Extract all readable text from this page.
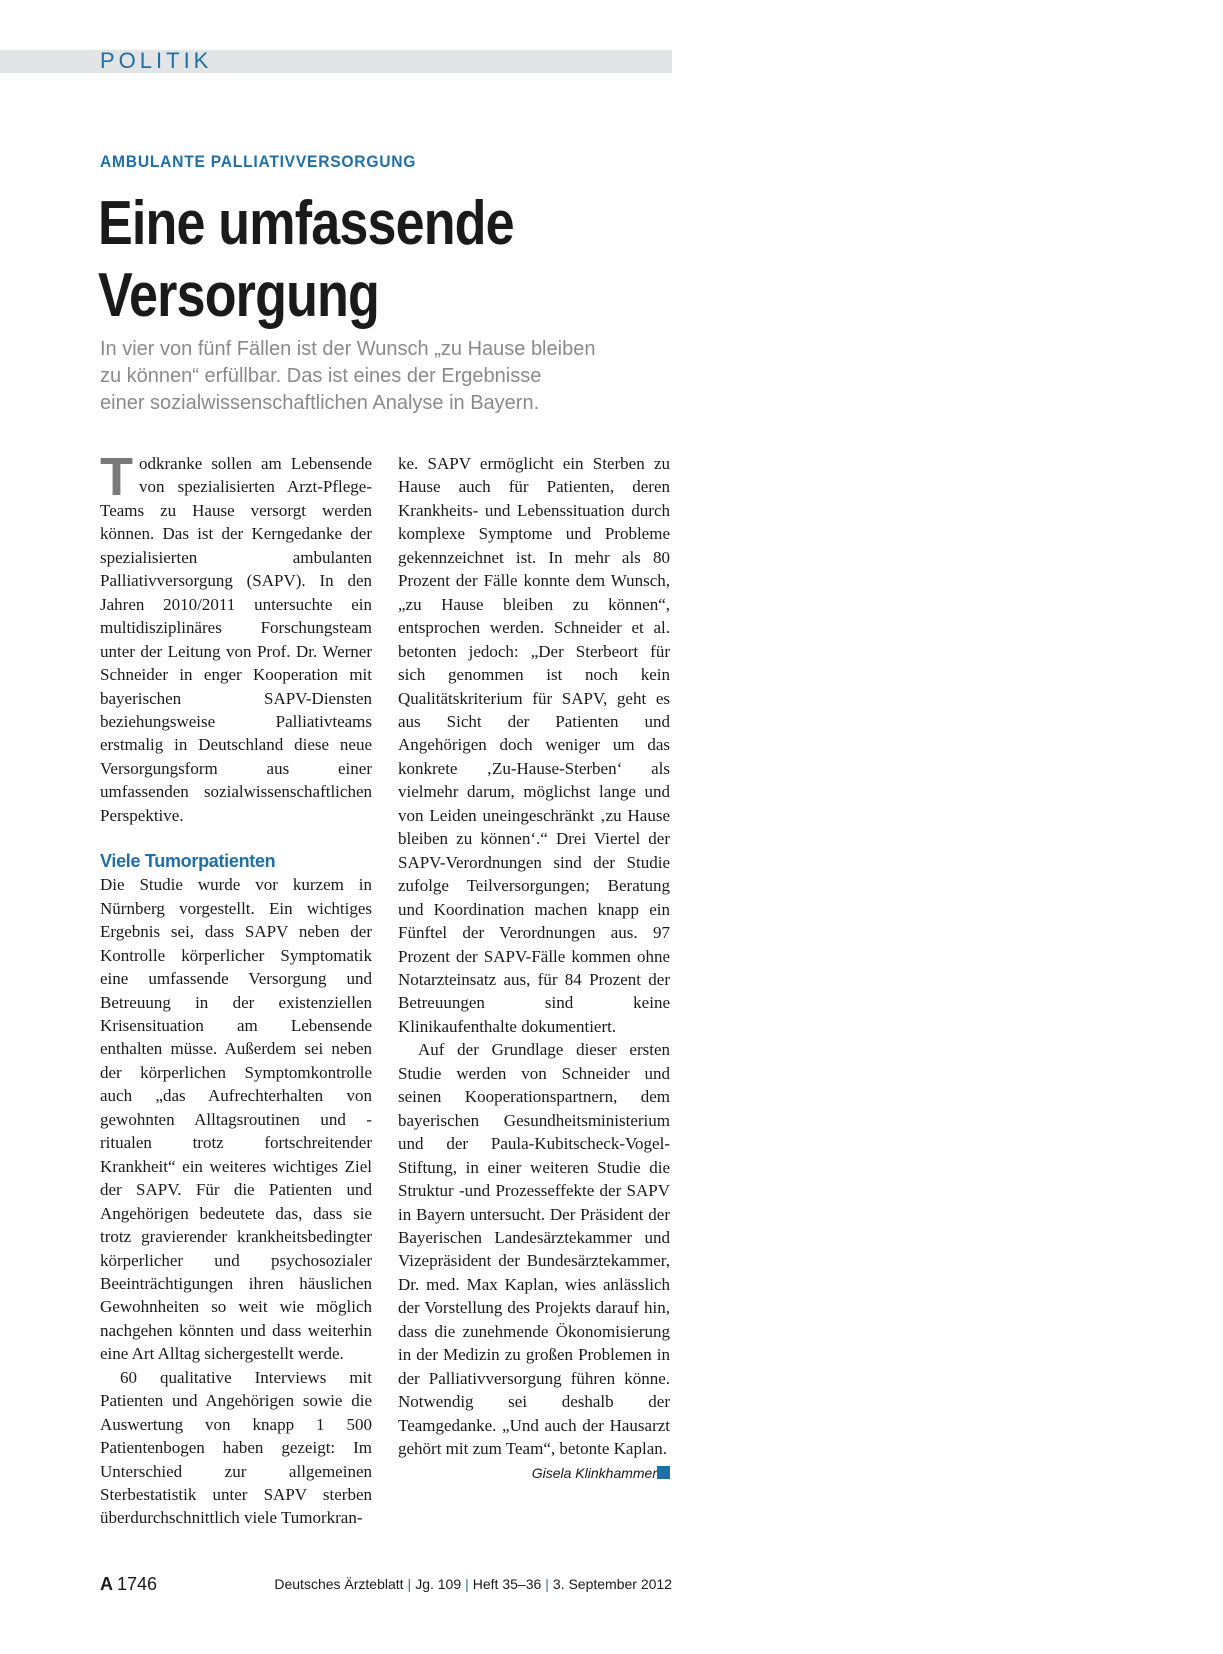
POLITIK
AMBULANTE PALLIATIVVERSORGUNG
Eine umfassende
Versorgung
In vier von fünf Fällen ist der Wunsch „zu Hause bleiben
zu können“ erfüllbar. Das ist eines der Ergebnisse
einer sozialwissenschaftlichen Analyse in Bayern.

Todkranke sollen am Lebensende von spezialisierten Arzt-Pflege-Teams zu Hause versorgt werden können. Das ist der Kerngedanke der spezialisierten ambulanten Palliativversorgung (SAPV). In den Jahren 2010/2011 untersuchte ein multidisziplinäres Forschungsteam unter der Leitung von Prof. Dr. Werner Schneider in enger Kooperation mit bayerischen SAPV-Diensten beziehungsweise Palliativteams erstmalig in Deutschland diese neue Versorgungsform aus einer umfassenden sozialwissenschaftlichen Perspektive.

Viele Tumorpatienten

Die Studie wurde vor kurzem in Nürnberg vorgestellt. Ein wichtiges Ergebnis sei, dass SAPV neben der Kontrolle körperlicher Symptomatik eine umfassende Versorgung und Betreuung in der existenziellen Krisensituation am Lebensende enthalten müsse. Außerdem sei neben der körperlichen Symptomkontrolle auch „das Aufrechterhalten von gewohnten Alltagsroutinen und -ritualen trotz fortschreitender Krankheit“ ein weiteres wichtiges Ziel der SAPV. Für die Patienten und Angehörigen bedeutete das, dass sie trotz gravierender krankheitsbedingter körperlicher und psychosozialer Beeinträchtigungen ihren häuslichen Gewohnheiten so weit wie möglich nachgehen könnten und dass weiterhin eine Art Alltag sichergestellt werde.

60 qualitative Interviews mit Patienten und Angehörigen sowie die Auswertung von knapp 1 500 Patientenbogen haben gezeigt: Im Unterschied zur allgemeinen Sterbestatistik unter SAPV sterben überdurchschnittlich viele Tumorkran-

ke. SAPV ermöglicht ein Sterben zu Hause auch für Patienten, deren Krankheits- und Lebenssituation durch komplexe Symptome und Probleme gekennzeichnet ist. In mehr als 80 Prozent der Fälle konnte dem Wunsch, „zu Hause bleiben zu können“, entsprochen werden. Schneider et al. betonten jedoch: „Der Sterbeort für sich genommen ist noch kein Qualitätskriterium für SAPV, geht es aus Sicht der Patienten und Angehörigen doch weniger um das konkrete ‚Zu-Hause-Sterben‘ als vielmehr darum, möglichst lange und von Leiden uneingeschränkt ‚zu Hause bleiben zu können‘.“ Drei Viertel der SAPV-Verordnungen sind der Studie zufolge Teilversorgungen; Beratung und Koordination machen knapp ein Fünftel der Verordnungen aus. 97 Prozent der SAPV-Fälle kommen ohne Notarzteinsatz aus, für 84 Prozent der Betreuungen sind keine Klinikaufenthalte dokumentiert.

Auf der Grundlage dieser ersten Studie werden von Schneider und seinen Kooperationspartnern, dem bayerischen Gesundheitsministerium und der Paula-Kubitscheck-Vogel-Stiftung, in einer weiteren Studie die Struktur -und Prozesseffekte der SAPV in Bayern untersucht. Der Präsident der Bayerischen Landesärztekammer und Vizepräsident der Bundesärztekammer, Dr. med. Max Kaplan, wies anlässlich der Vorstellung des Projekts darauf hin, dass die zunehmende Ökonomisierung in der Medizin zu großen Problemen in der Palliativversorgung führen könne. Notwendig sei deshalb der Teamgedanke. „Und auch der Hausarzt gehört mit zum Team“, betonte Kaplan.

Gisela Klinkhammer
A 1746	Deutsches Ärzteblatt | Jg. 109 | Heft 35–36 | 3. September 2012
